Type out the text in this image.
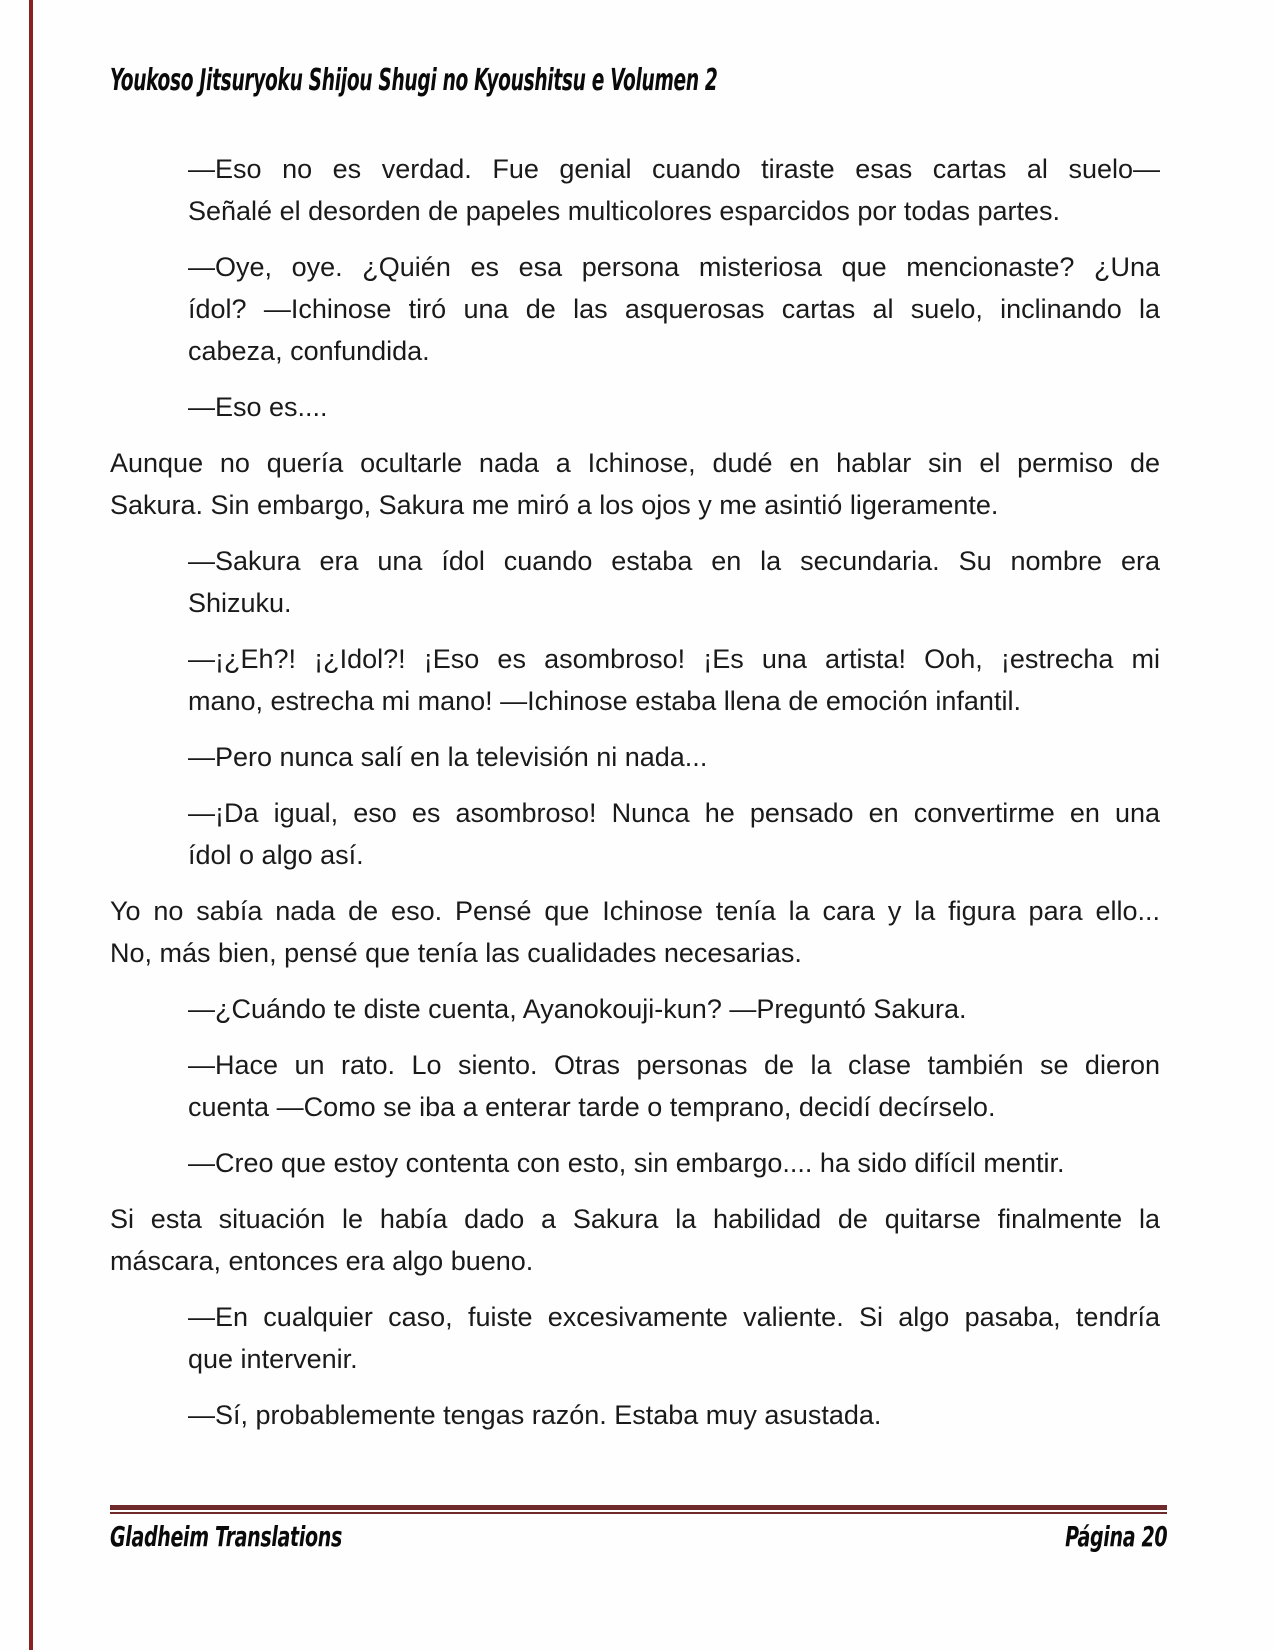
Youkoso Jitsuryoku Shijou Shugi no Kyoushitsu e Volumen 2
—Eso no es verdad. Fue genial cuando tiraste esas cartas al suelo—
Señalé el desorden de papeles multicolores esparcidos por todas partes.
—Oye, oye. ¿Quién es esa persona misteriosa que mencionaste? ¿Una
ídol? —Ichinose tiró una de las asquerosas cartas al suelo, inclinando la
cabeza, confundida.
—Eso es....
Aunque no quería ocultarle nada a Ichinose, dudé en hablar sin el permiso de
Sakura. Sin embargo, Sakura me miró a los ojos y me asintió ligeramente.
—Sakura era una ídol cuando estaba en la secundaria. Su nombre era
Shizuku.
—¡¿Eh?! ¡¿Idol?! ¡Eso es asombroso! ¡Es una artista! Ooh, ¡estrecha mi
mano, estrecha mi mano! —Ichinose estaba llena de emoción infantil.
—Pero nunca salí en la televisión ni nada...
—¡Da igual, eso es asombroso! Nunca he pensado en convertirme en una
ídol o algo así.
Yo no sabía nada de eso. Pensé que Ichinose tenía la cara y la figura para ello...
No, más bien, pensé que tenía las cualidades necesarias.
—¿Cuándo te diste cuenta, Ayanokouji-kun? —Preguntó Sakura.
—Hace un rato. Lo siento. Otras personas de la clase también se dieron
cuenta —Como se iba a enterar tarde o temprano, decidí decírselo.
—Creo que estoy contenta con esto, sin embargo.... ha sido difícil mentir.
Si esta situación le había dado a Sakura la habilidad de quitarse finalmente la
máscara, entonces era algo bueno.
—En cualquier caso, fuiste excesivamente valiente. Si algo pasaba, tendría
que intervenir.
—Sí, probablemente tengas razón. Estaba muy asustada.
Gladheim Translations	Página 20
